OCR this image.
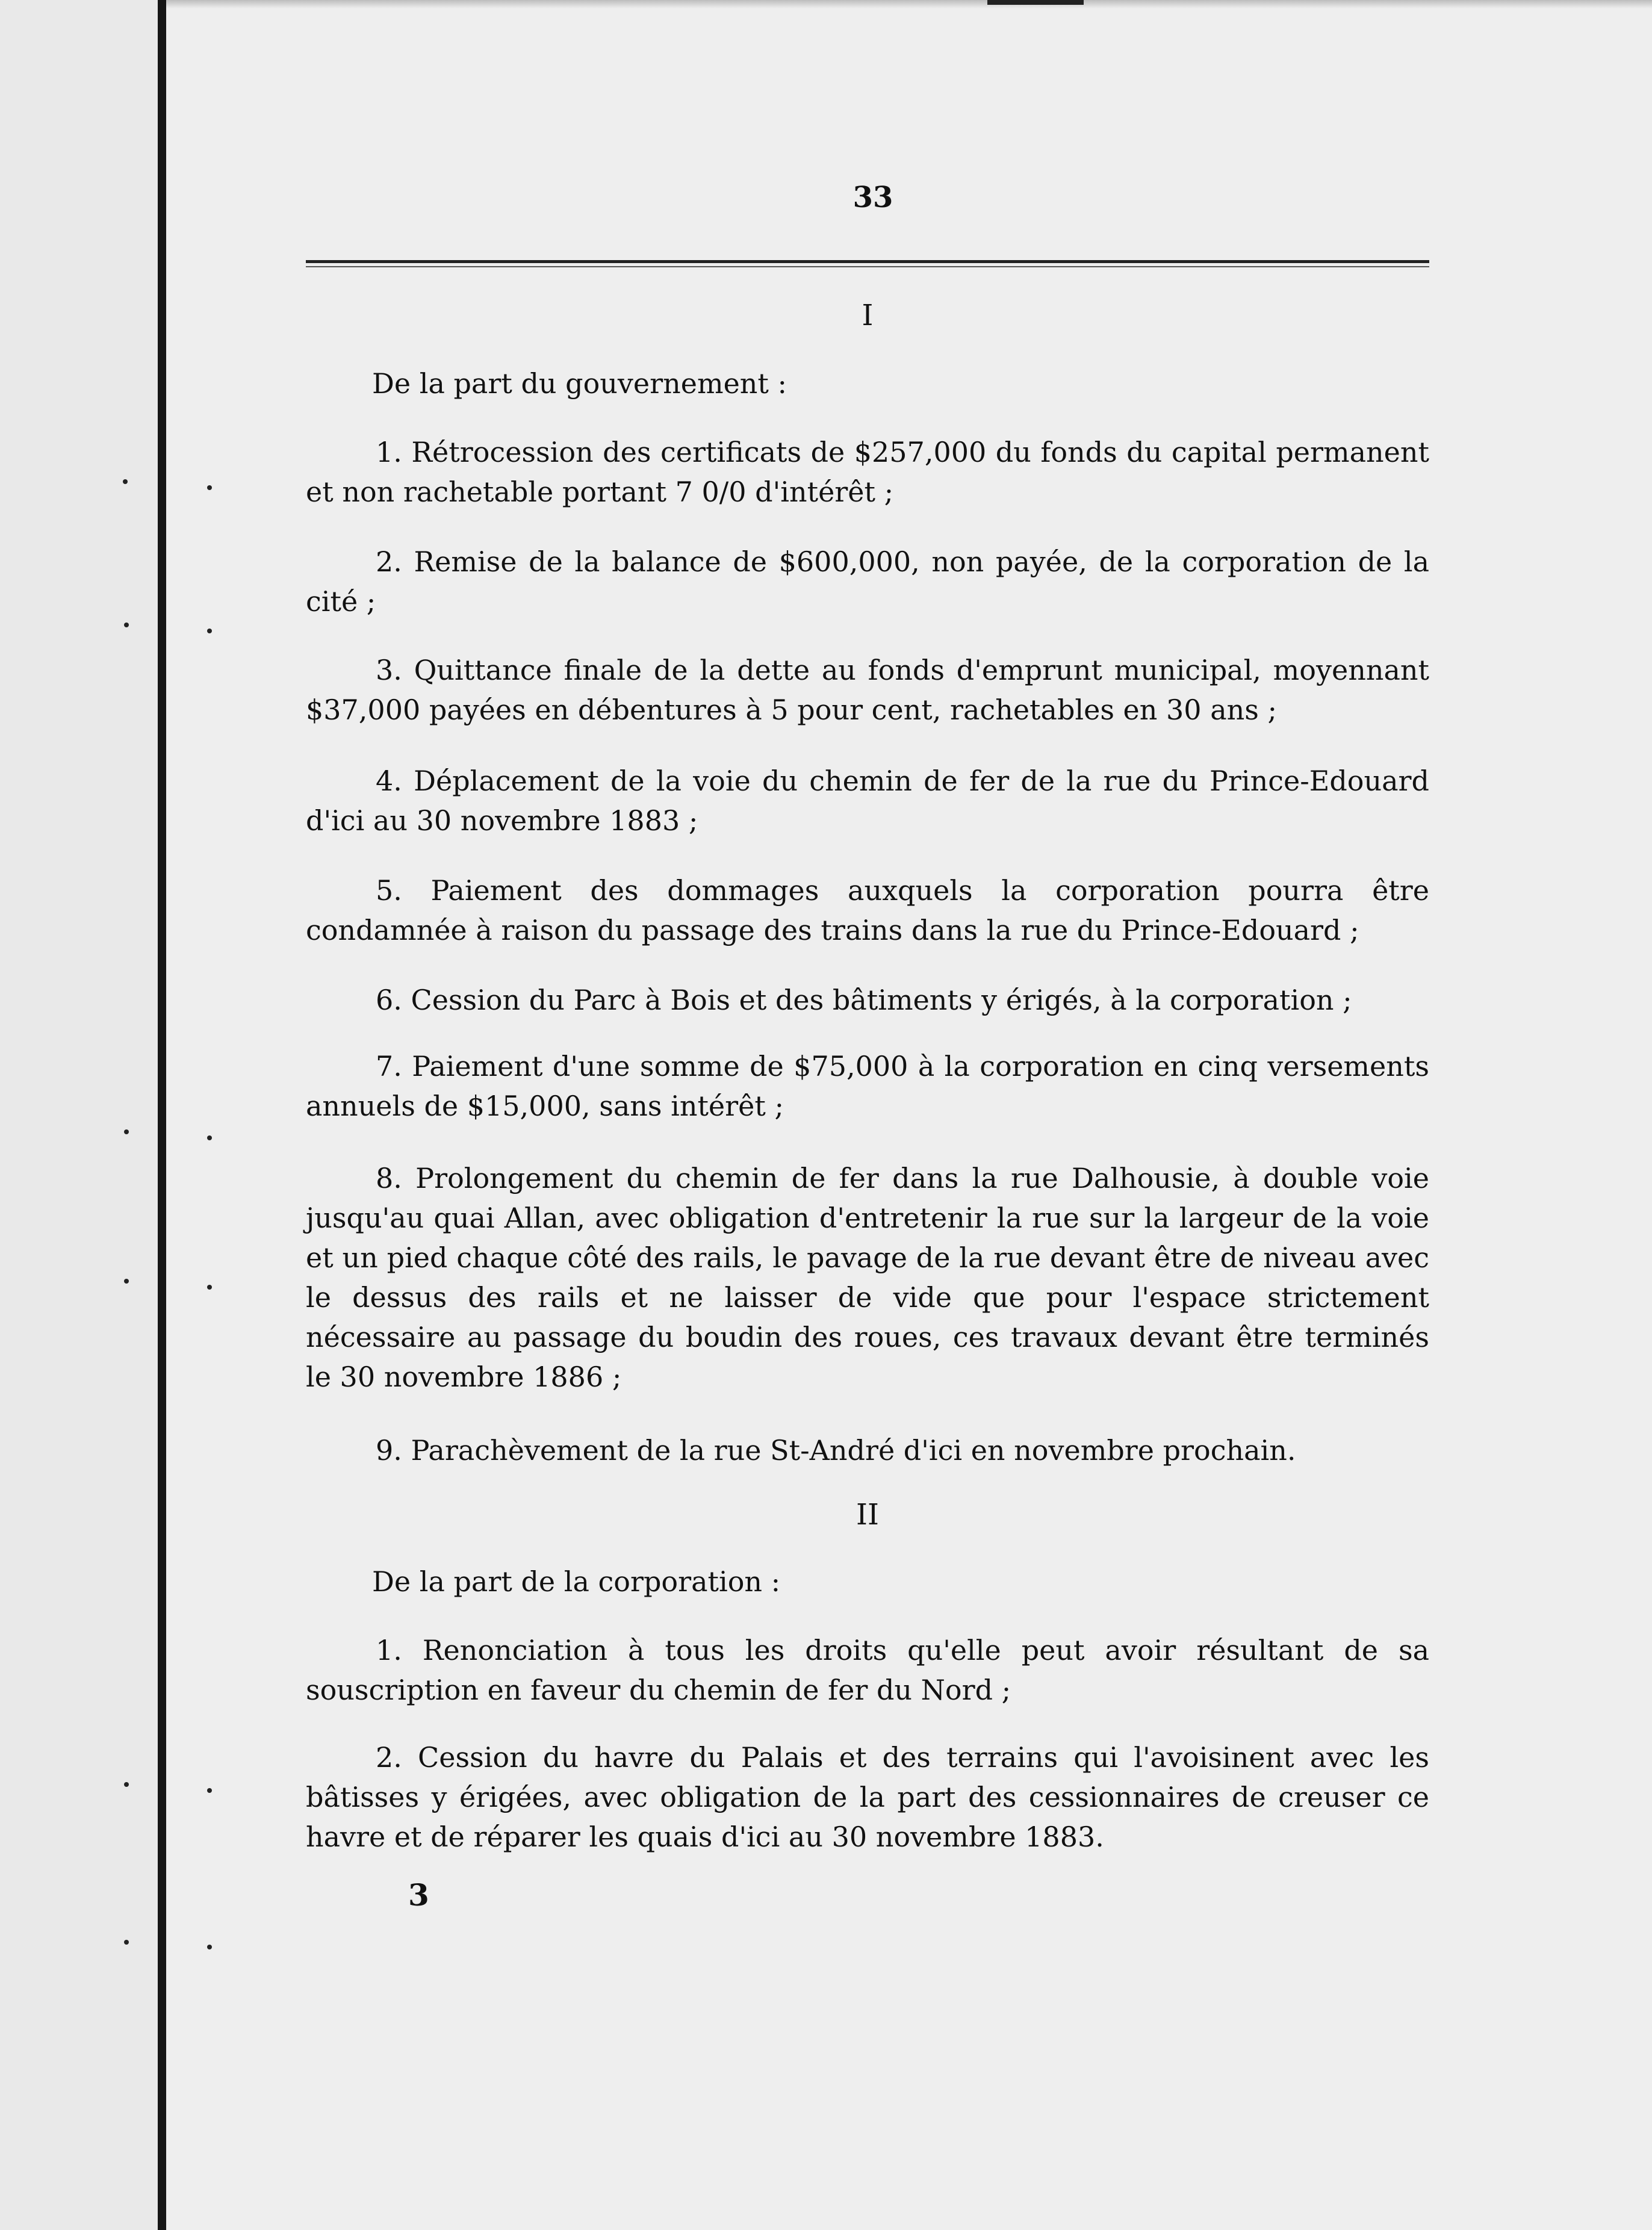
33
I
De la part du gouvernement :
1. Rétrocession des certificats de $257,000 du fonds du capital permanent et non rachetable portant 7 0/0 d'intérêt ;
2. Remise de la balance de $600,000, non payée, de la corporation de la cité ;
3. Quittance finale de la dette au fonds d'emprunt municipal, moyennant $37,000 payées en débentures à 5 pour cent, rachetables en 30 ans ;
4. Déplacement de la voie du chemin de fer de la rue du Prince-Edouard d'ici au 30 novembre 1883 ;
5. Paiement des dommages auxquels la corporation pourra être condamnée à raison du passage des trains dans la rue du Prince-Edouard ;
6. Cession du Parc à Bois et des bâtiments y érigés, à la corporation ;
7. Paiement d'une somme de $75,000 à la corporation en cinq versements annuels de $15,000, sans intérêt ;
8. Prolongement du chemin de fer dans la rue Dalhousie, à double voie jusqu'au quai Allan, avec obligation d'entretenir la rue sur la largeur de la voie et un pied chaque côté des rails, le pavage de la rue devant être de niveau avec le dessus des rails et ne laisser de vide que pour l'espace strictement nécessaire au passage du boudin des roues, ces travaux devant être terminés le 30 novembre 1886 ;
9. Parachèvement de la rue St-André d'ici en novembre prochain.
II
De la part de la corporation :
1. Renonciation à tous les droits qu'elle peut avoir résultant de sa souscription en faveur du chemin de fer du Nord ;
2. Cession du havre du Palais et des terrains qui l'avoisinent avec les bâtisses y érigées, avec obligation de la part des cessionnaires de creuser ce havre et de réparer les quais d'ici au 30 novembre 1883.
3
